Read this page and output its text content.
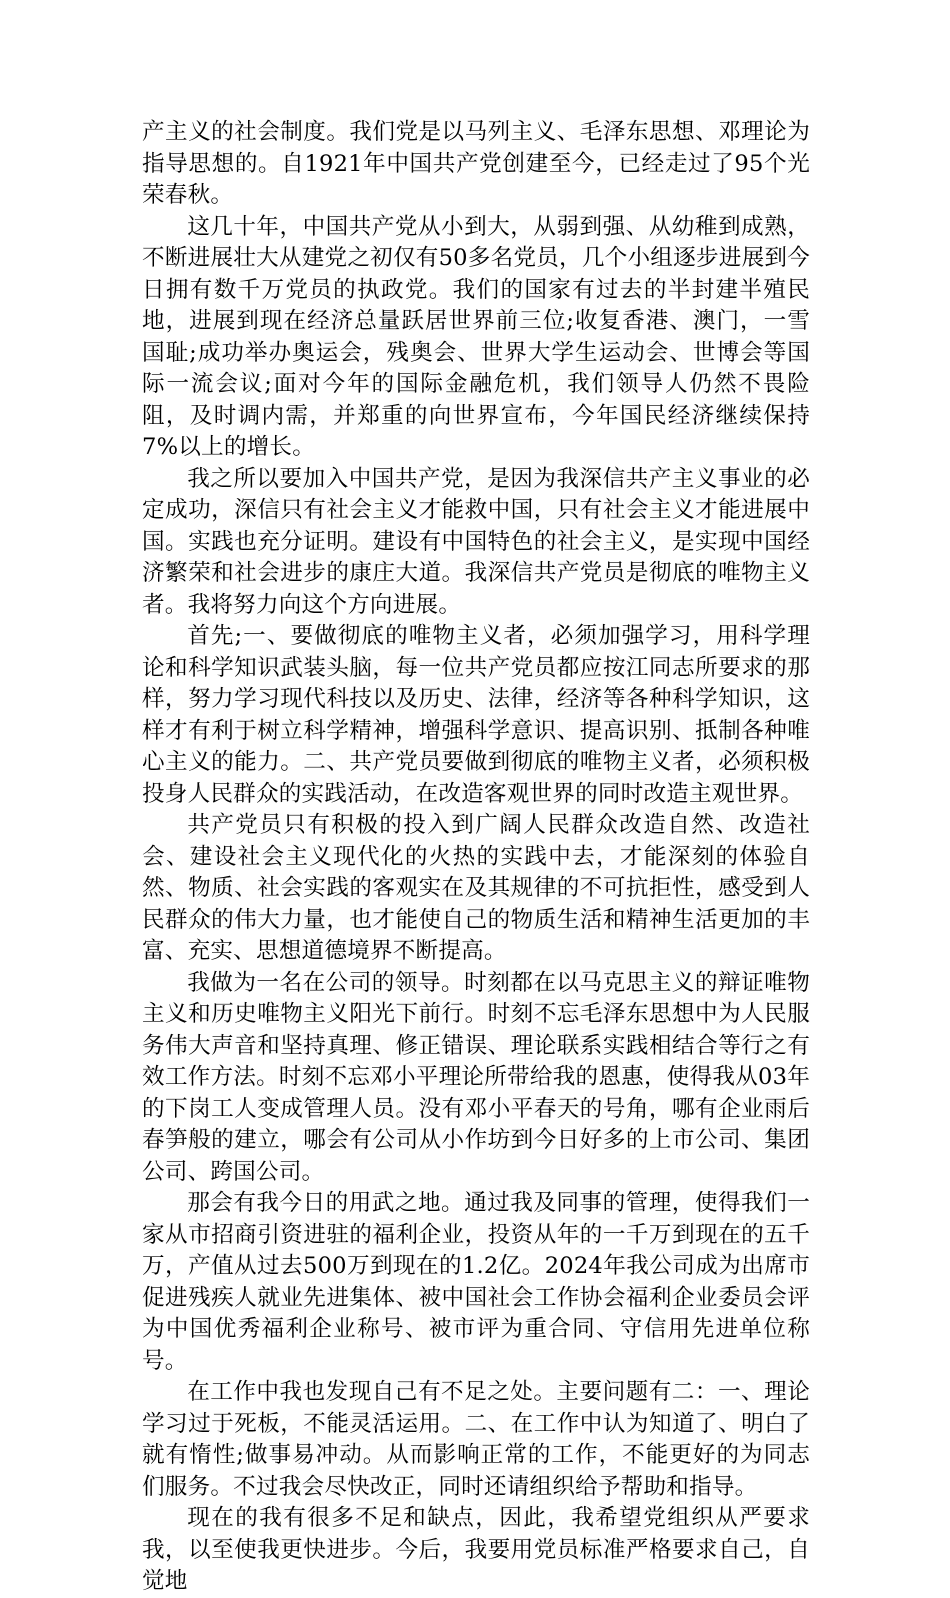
产主义的社会制度。我们党是以马列主义、毛泽东思想、邓理论为指导思想的。自1921年中国共产党创建至今，已经走过了95个光荣春秋。

这几十年，中国共产党从小到大，从弱到强、从幼稚到成熟，不断进展壮大从建党之初仅有50多名党员，几个小组逐步进展到今日拥有数千万党员的执政党。我们的国家有过去的半封建半殖民地，进展到现在经济总量跃居世界前三位;收复香港、澳门，一雪国耻;成功举办奥运会，残奥会、世界大学生运动会、世博会等国际一流会议;面对今年的国际金融危机，我们领导人仍然不畏险阻，及时调内需，并郑重的向世界宣布，今年国民经济继续保持7%以上的增长。

我之所以要加入中国共产党，是因为我深信共产主义事业的必定成功，深信只有社会主义才能救中国，只有社会主义才能进展中国。实践也充分证明。建设有中国特色的社会主义，是实现中国经济繁荣和社会进步的康庄大道。我深信共产党员是彻底的唯物主义者。我将努力向这个方向进展。

首先;一、要做彻底的唯物主义者，必须加强学习，用科学理论和科学知识武装头脑，每一位共产党员都应按江同志所要求的那样，努力学习现代科技以及历史、法律，经济等各种科学知识，这样才有利于树立科学精神，增强科学意识、提高识别、抵制各种唯心主义的能力。二、共产党员要做到彻底的唯物主义者，必须积极投身人民群众的实践活动，在改造客观世界的同时改造主观世界。

共产党员只有积极的投入到广阔人民群众改造自然、改造社会、建设社会主义现代化的火热的实践中去，才能深刻的体验自然、物质、社会实践的客观实在及其规律的不可抗拒性，感受到人民群众的伟大力量，也才能使自己的物质生活和精神生活更加的丰富、充实、思想道德境界不断提高。

我做为一名在公司的领导。时刻都在以马克思主义的辩证唯物主义和历史唯物主义阳光下前行。时刻不忘毛泽东思想中为人民服务伟大声音和坚持真理、修正错误、理论联系实践相结合等行之有效工作方法。时刻不忘邓小平理论所带给我的恩惠，使得我从03年的下岗工人变成管理人员。没有邓小平春天的号角，哪有企业雨后春笋般的建立，哪会有公司从小作坊到今日好多的上市公司、集团公司、跨国公司。

那会有我今日的用武之地。通过我及同事的管理，使得我们一家从市招商引资进驻的福利企业，投资从年的一千万到现在的五千万，产值从过去500万到现在的1.2亿。2024年我公司成为出席市促进残疾人就业先进集体、被中国社会工作协会福利企业委员会评为中国优秀福利企业称号、被市评为重合同、守信用先进单位称号。

在工作中我也发现自己有不足之处。主要问题有二：一、理论学习过于死板，不能灵活运用。二、在工作中认为知道了、明白了就有惰性;做事易冲动。从而影响正常的工作，不能更好的为同志们服务。不过我会尽快改正，同时还请组织给予帮助和指导。

现在的我有很多不足和缺点，因此，我希望党组织从严要求我，以至使我更快进步。今后，我要用党员标准严格要求自己，自觉地
